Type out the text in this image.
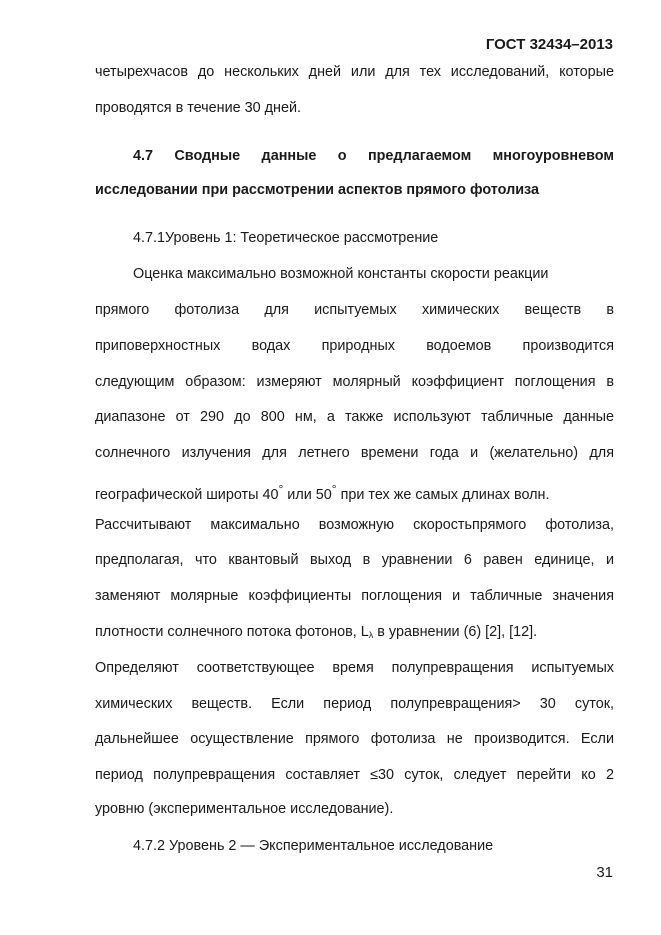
ГОСТ 32434–2013
четырехчасов до нескольких дней или для тех исследований, которые
проводятся в течение 30 дней.
4.7 Сводные данные о предлагаемом многоуровневом
исследовании при рассмотрении аспектов прямого фотолиза
4.7.1Уровень 1: Теоретическое рассмотрение
Оценка максимально возможной константы скорости реакции
прямого фотолиза для испытуемых химических веществ в
приповерхностных водах природных водоемов производится
следующим образом: измеряют молярный коэффициент поглощения в
диапазоне от 290 до 800 нм, а также используют табличные данные
солнечного излучения для летнего времени года и (желательно) для
географической широты 40° или 50° при тех же самых длинах волн.
Рассчитывают максимально возможную скоростьпрямого фотолиза,
предполагая, что квантовый выход в уравнении 6 равен единице, и
заменяют молярные коэффициенты поглощения и табличные значения
плотности солнечного потока фотонов, $L_\lambda$ в уравнении (6) [2], [12].
Определяют соответствующее время полупревращения испытуемых
химических веществ. Если период полупревращения> 30 суток,
дальнейшее осуществление прямого фотолиза не производится. Если
период полупревращения составляет ≤30 суток, следует перейти ко 2
уровню (экспериментальное исследование).
4.7.2 Уровень 2 — Экспериментальное исследование
31
